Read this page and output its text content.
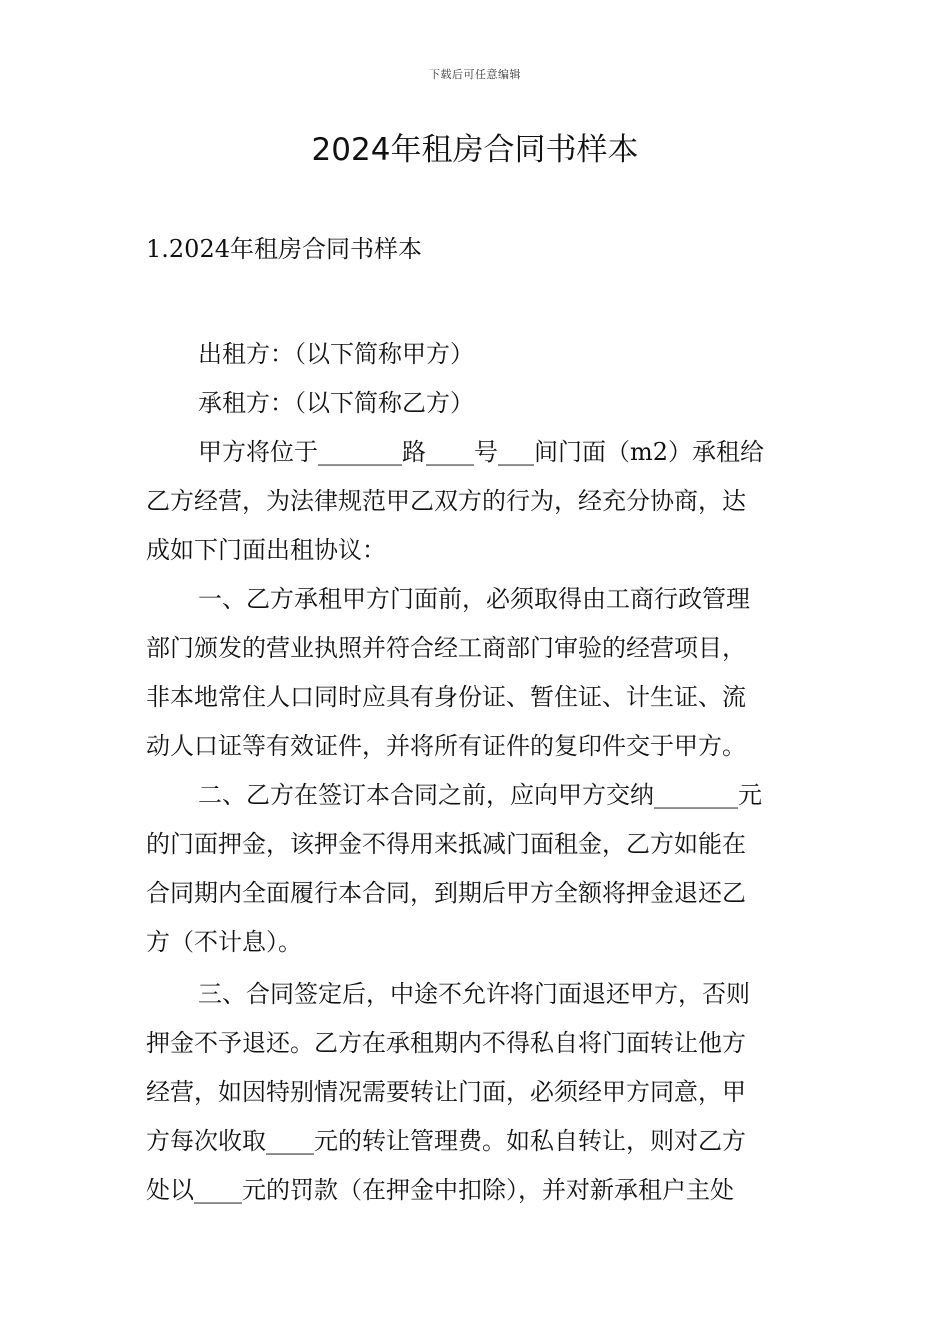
下载后可任意编辑
2024年租房合同书样本

1.2024年租房合同书样本

出租方：（以下简称甲方）

承租方：（以下简称乙方）

甲方将位于_______路____号___间门面（m2）承租给

乙方经营，为法律规范甲乙双方的行为，经充分协商，达

成如下门面出租协议：

一、乙方承租甲方门面前，必须取得由工商行政管理

部门颁发的营业执照并符合经工商部门审验的经营项目，

非本地常住人口同时应具有身份证、暂住证、计生证、流

动人口证等有效证件，并将所有证件的复印件交于甲方。

二、乙方在签订本合同之前，应向甲方交纳_______元

的门面押金，该押金不得用来抵减门面租金，乙方如能在

合同期内全面履行本合同，到期后甲方全额将押金退还乙

方（不计息）。

三、合同签定后，中途不允许将门面退还甲方，否则

押金不予退还。乙方在承租期内不得私自将门面转让他方

经营，如因特别情况需要转让门面，必须经甲方同意，甲

方每次收取____元的转让管理费。如私自转让，则对乙方

处以____元的罚款（在押金中扣除），并对新承租户主处
